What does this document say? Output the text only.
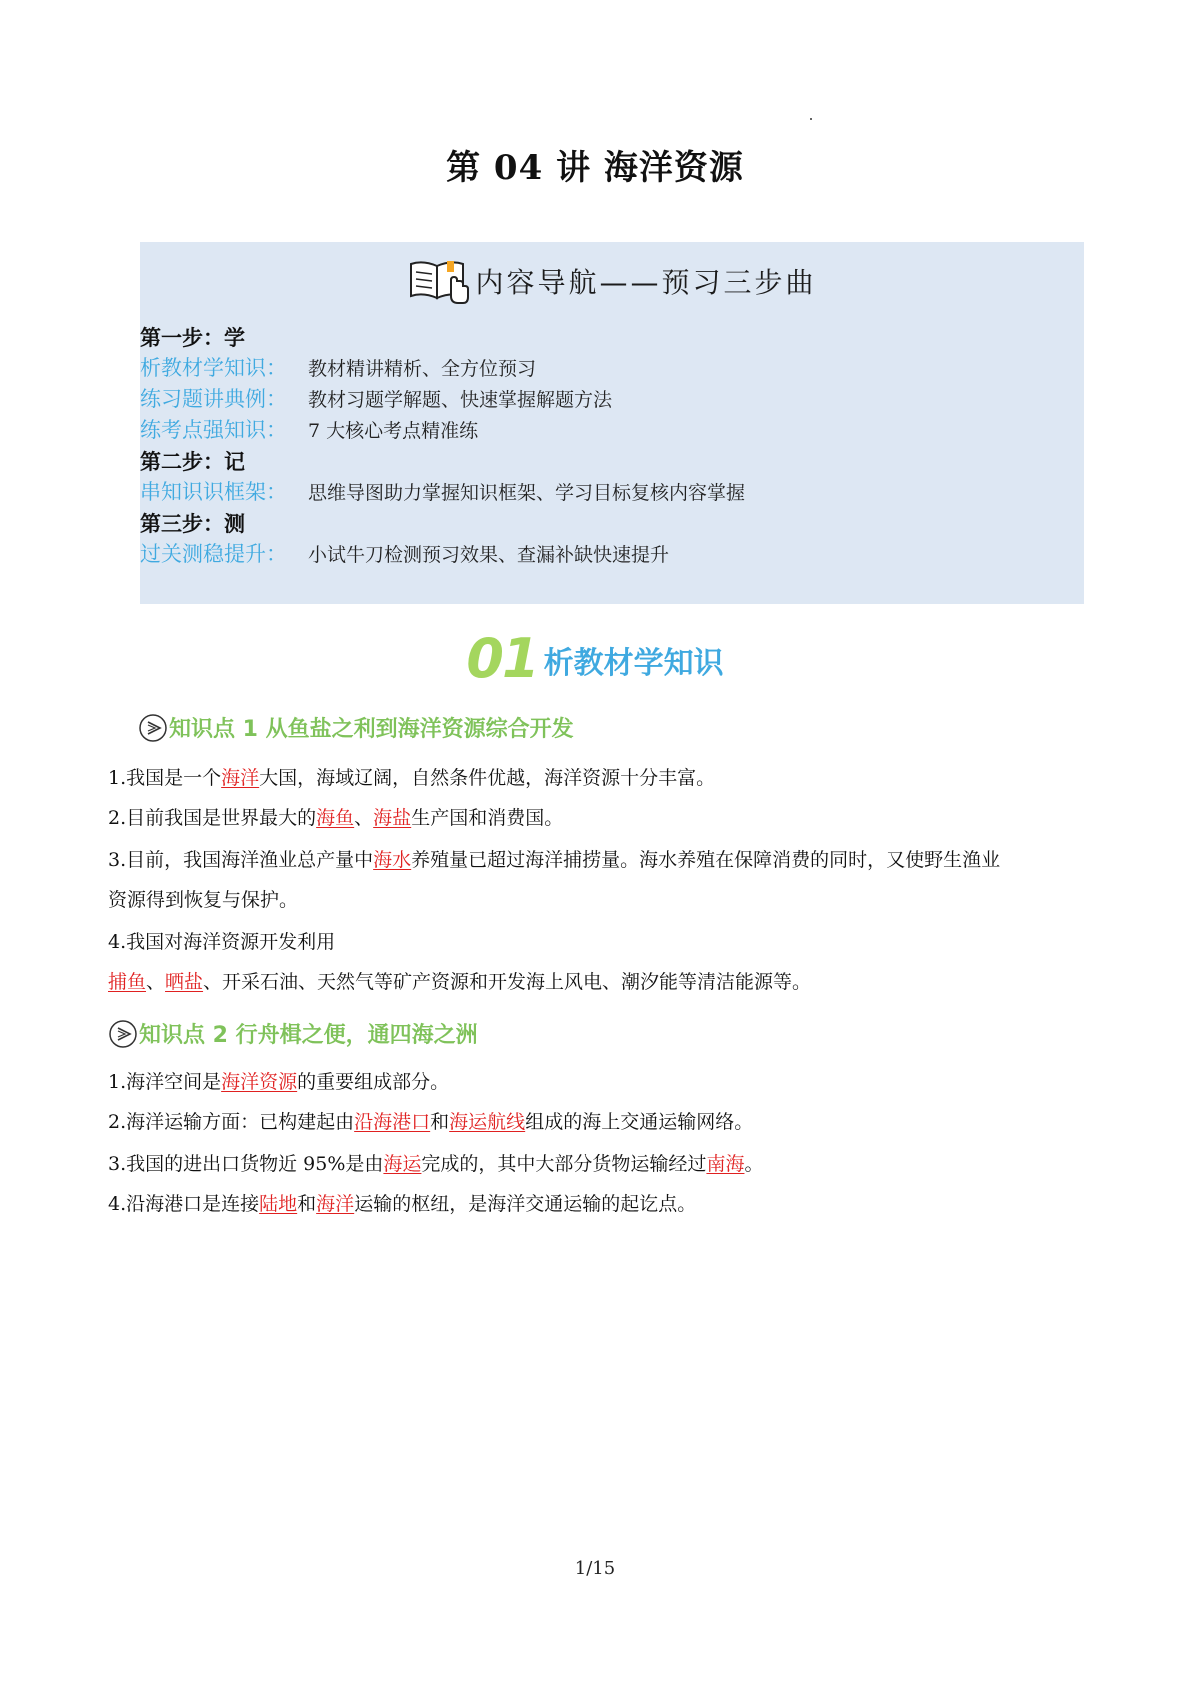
第 04 讲 海洋资源
内容导航——预习三步曲
第一步：学
析教材学知识： 教材精讲精析、全方位预习
练习题讲典例： 教材习题学解题、快速掌握解题方法
练考点强知识： 7 大核心考点精准练
第二步：记
串知识识框架： 思维导图助力掌握知识框架、学习目标复核内容掌握
第三步：测
过关测稳提升： 小试牛刀检测预习效果、查漏补缺快速提升
01 析教材学知识
知识点 1 从鱼盐之利到海洋资源综合开发
1.我国是一个海洋大国，海域辽阔，自然条件优越，海洋资源十分丰富。
2.目前我国是世界最大的海鱼、海盐生产国和消费国。
3.目前，我国海洋渔业总产量中海水养殖量已超过海洋捕捞量。海水养殖在保障消费的同时，又使野生渔业
资源得到恢复与保护。
4.我国对海洋资源开发利用
捕鱼、晒盐、开采石油、天然气等矿产资源和开发海上风电、潮汐能等清洁能源等。
知识点 2 行舟楫之便，通四海之洲
1.海洋空间是海洋资源的重要组成部分。
2.海洋运输方面：已构建起由沿海港口和海运航线组成的海上交通运输网络。
3.我国的进出口货物近 95%是由海运完成的，其中大部分货物运输经过南海。
4.沿海港口是连接陆地和海洋运输的枢纽，是海洋交通运输的起讫点。
1/15
